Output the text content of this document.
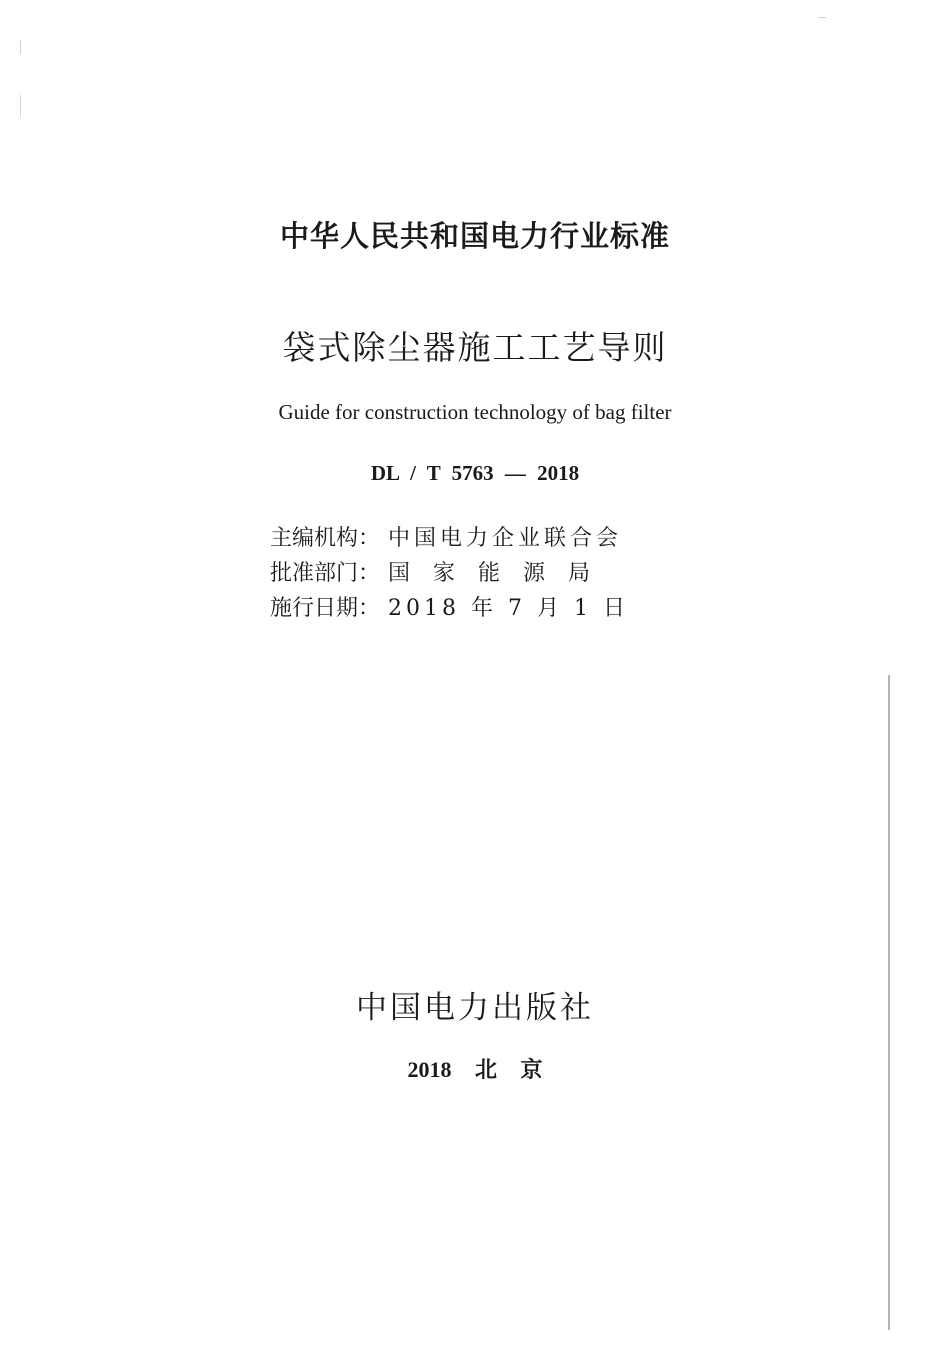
中华人民共和国电力行业标准
袋式除尘器施工工艺导则
Guide for construction technology of bag filter
DL / T 5763 — 2018
主编机构： 中国电力企业联合会
批准部门： 国家能源局
施行日期： 2018 年 7 月 1 日
中国电力出版社
2018 北 京
